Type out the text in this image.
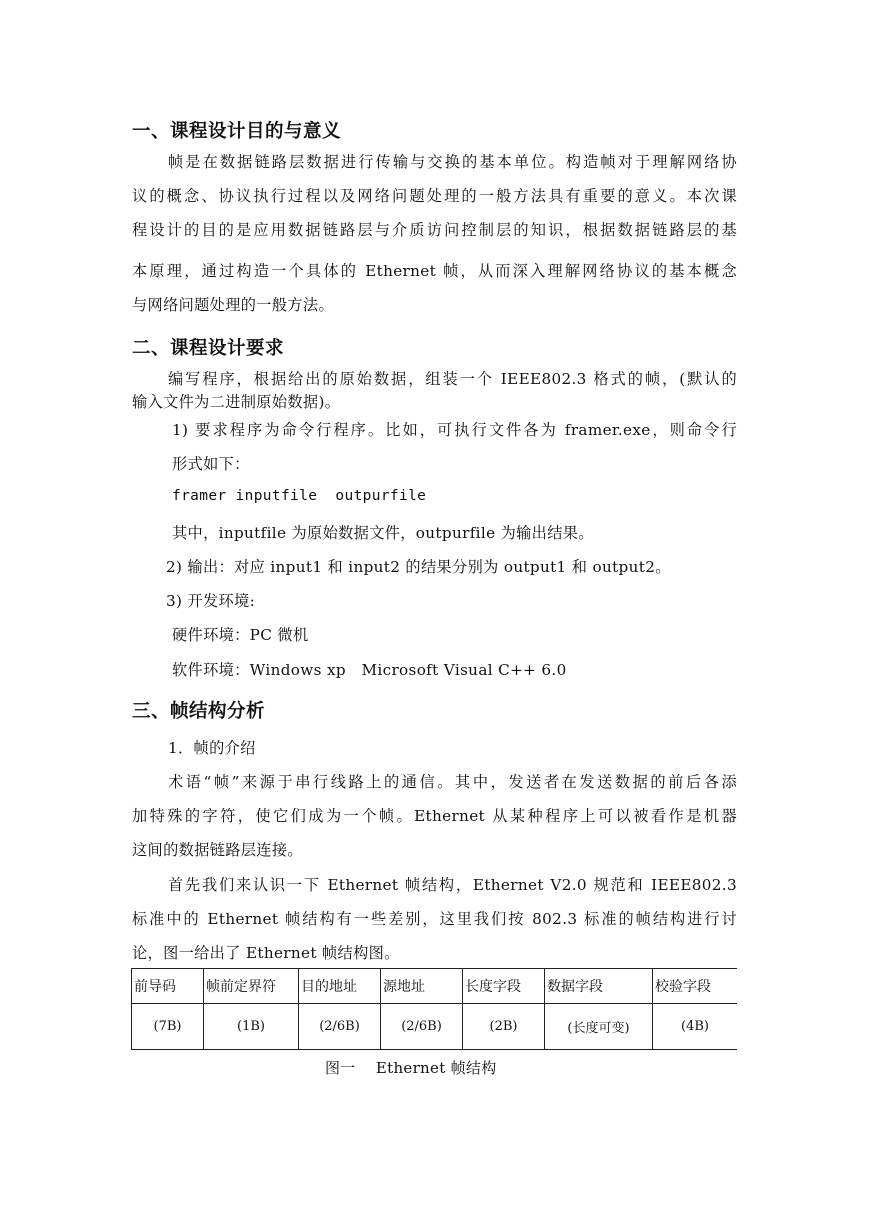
一、课程设计目的与意义
帧是在数据链路层数据进行传输与交换的基本单位。构造帧对于理解网络协
议的概念、协议执行过程以及网络问题处理的一般方法具有重要的意义。本次课
程设计的目的是应用数据链路层与介质访问控制层的知识，根据数据链路层的基
本原理，通过构造一个具体的 Ethernet 帧，从而深入理解网络协议的基本概念
与网络问题处理的一般方法。
二、课程设计要求
编写程序，根据给出的原始数据，组装一个 IEEE802.3 格式的帧，(默认的
输入文件为二进制原始数据)。
1) 要求程序为命令行程序。比如，可执行文件各为 framer.exe，则命令行
形式如下：
framer inputfile  outpurfile
其中，inputfile 为原始数据文件，outpurfile 为输出结果。
2) 输出：对应 input1 和 input2 的结果分别为 output1 和 output2。
3) 开发环境:
硬件环境：PC 微机
软件环境：Windows xp   Microsoft Visual C++ 6.0
三、帧结构分析
1．帧的介绍
术语“帧”来源于串行线路上的通信。其中，发送者在发送数据的前后各添
加特殊的字符，使它们成为一个帧。Ethernet 从某种程序上可以被看作是机器
这间的数据链路层连接。
首先我们来认识一下 Ethernet 帧结构，Ethernet V2.0 规范和 IEEE802.3
标准中的 Ethernet 帧结构有一些差别，这里我们按 802.3 标准的帧结构进行讨
论，图一给出了 Ethernet 帧结构图。
前导码	帧前定界符	目的地址	源地址	长度字段	数据字段	校验字段
(7B)	(1B)	(2/6B)	(2/6B)	(2B)	(长度可变)	(4B)
图一    Ethernet 帧结构
